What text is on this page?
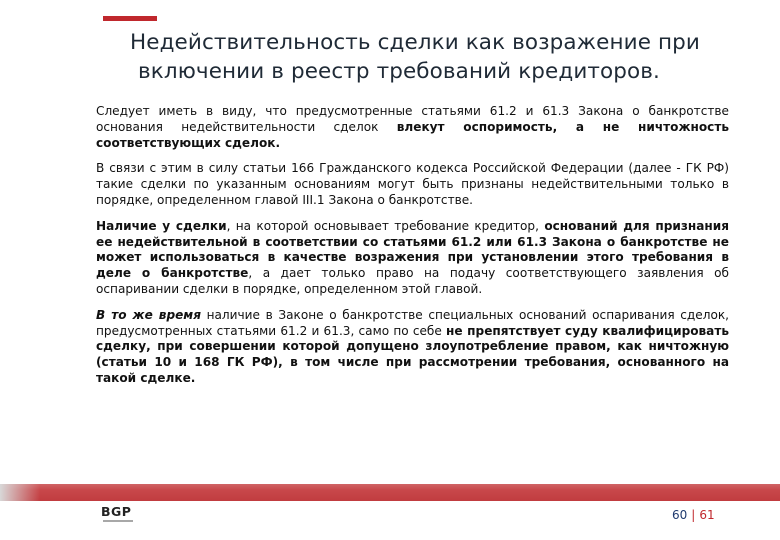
Недействительность сделки как возражение при

включении в реестр требований кредиторов.

Следует иметь в виду, что предусмотренные статьями 61.2 и 61.3 Закона о банкротстве основания недействительности сделок влекут оспоримость, а не ничтожность соответствующих сделок.

В связи с этим в силу статьи 166 Гражданского кодекса Российской Федерации (далее - ГК РФ) такие сделки по указанным основаниям могут быть признаны недействительными только в порядке, определенном главой III.1 Закона о банкротстве.

Наличие у сделки, на которой основывает требование кредитор, оснований для признания ее недействительной в соответствии со статьями 61.2 или 61.3 Закона о банкротстве не может использоваться в качестве возражения при установлении этого требования в деле о банкротстве, а дает только право на подачу соответствующего заявления об оспаривании сделки в порядке, определенном этой главой.

В то же время наличие в Законе о банкротстве специальных оснований оспаривания сделок, предусмотренных статьями 61.2 и 61.3, само по себе не препятствует суду квалифицировать сделку, при совершении которой допущено злоупотребление правом, как ничтожную (статьи 10 и 168 ГК РФ), в том числе при рассмотрении требования, основанного на такой сделке.

BGP	60 | 61
